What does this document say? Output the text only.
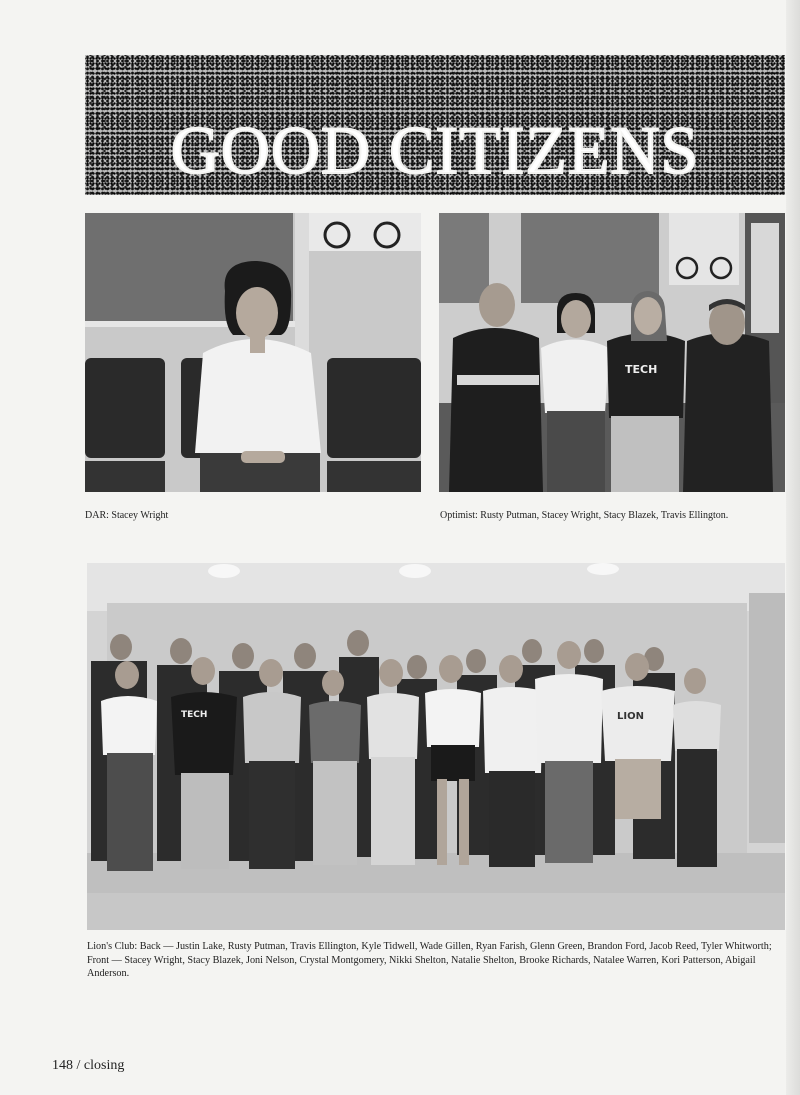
GOOD CITIZENS
TECH
DAR: Stacey Wright	Optimist: Rusty Putman, Stacey Wright, Stacy Blazek, Travis Ellington.
TECH	LION
Lion's Club: Back — Justin Lake, Rusty Putman, Travis Ellington, Kyle Tidwell, Wade Gillen, Ryan Farish, Glenn Green, Brandon Ford, Jacob Reed, Tyler Whitworth; Front — Stacey Wright, Stacy Blazek, Joni Nelson, Crystal Montgomery, Nikki Shelton, Natalie Shelton, Brooke Richards, Natalee Warren, Kori Patterson, Abigail Anderson.
148 / closing
